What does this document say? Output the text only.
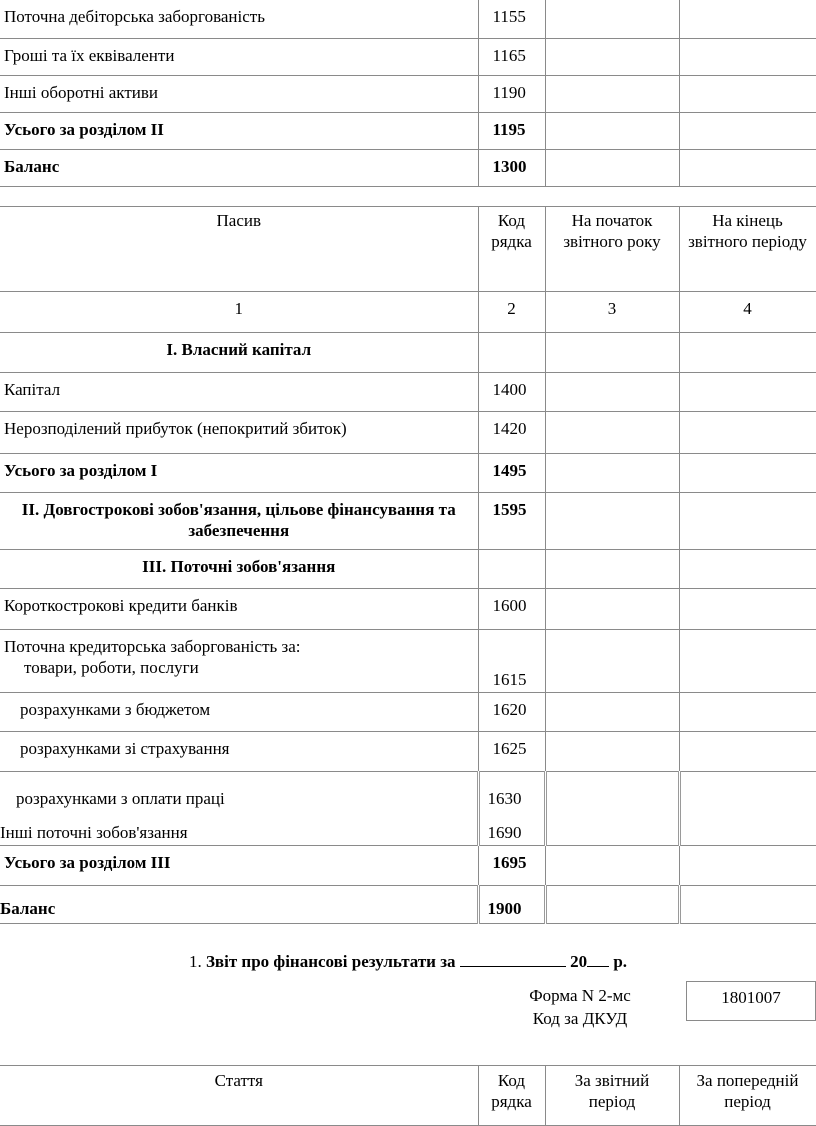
Поточна дебіторська заборгованість	1155		
Гроші та їх еквіваленти	1165		
Інші оборотні активи	1190		
Усього за розділом II	1195		
Баланс	1300		
Пасив	Код рядка	На початок звітного року	На кінець звітного періоду
1	2	3	4
І. Власний капітал			
Капітал	1400		
Нерозподілений прибуток (непокритий збиток)	1420		
Усього за розділом I	1495		
II. Довгострокові зобов'язання, цільове фінансування та забезпечення	1595		
III. Поточні зобов'язання			
Короткострокові кредити банків	1600		

Поточна кредиторська заборгованість за:
товари, роботи, послуги	1615		
розрахунками з бюджетом	1620		
розрахунками зі страхування	1625		
розрахунками з оплати праці	1630		
Інші поточні зобов'язання	1690		
Усього за розділом III	1695		
Баланс	1900		
1. Звіт про фінансові результати за	20 р.
Форма N 2-мс
Код за ДКУД
1801007
Стаття	Код рядка	За звітний період	За попередній період
